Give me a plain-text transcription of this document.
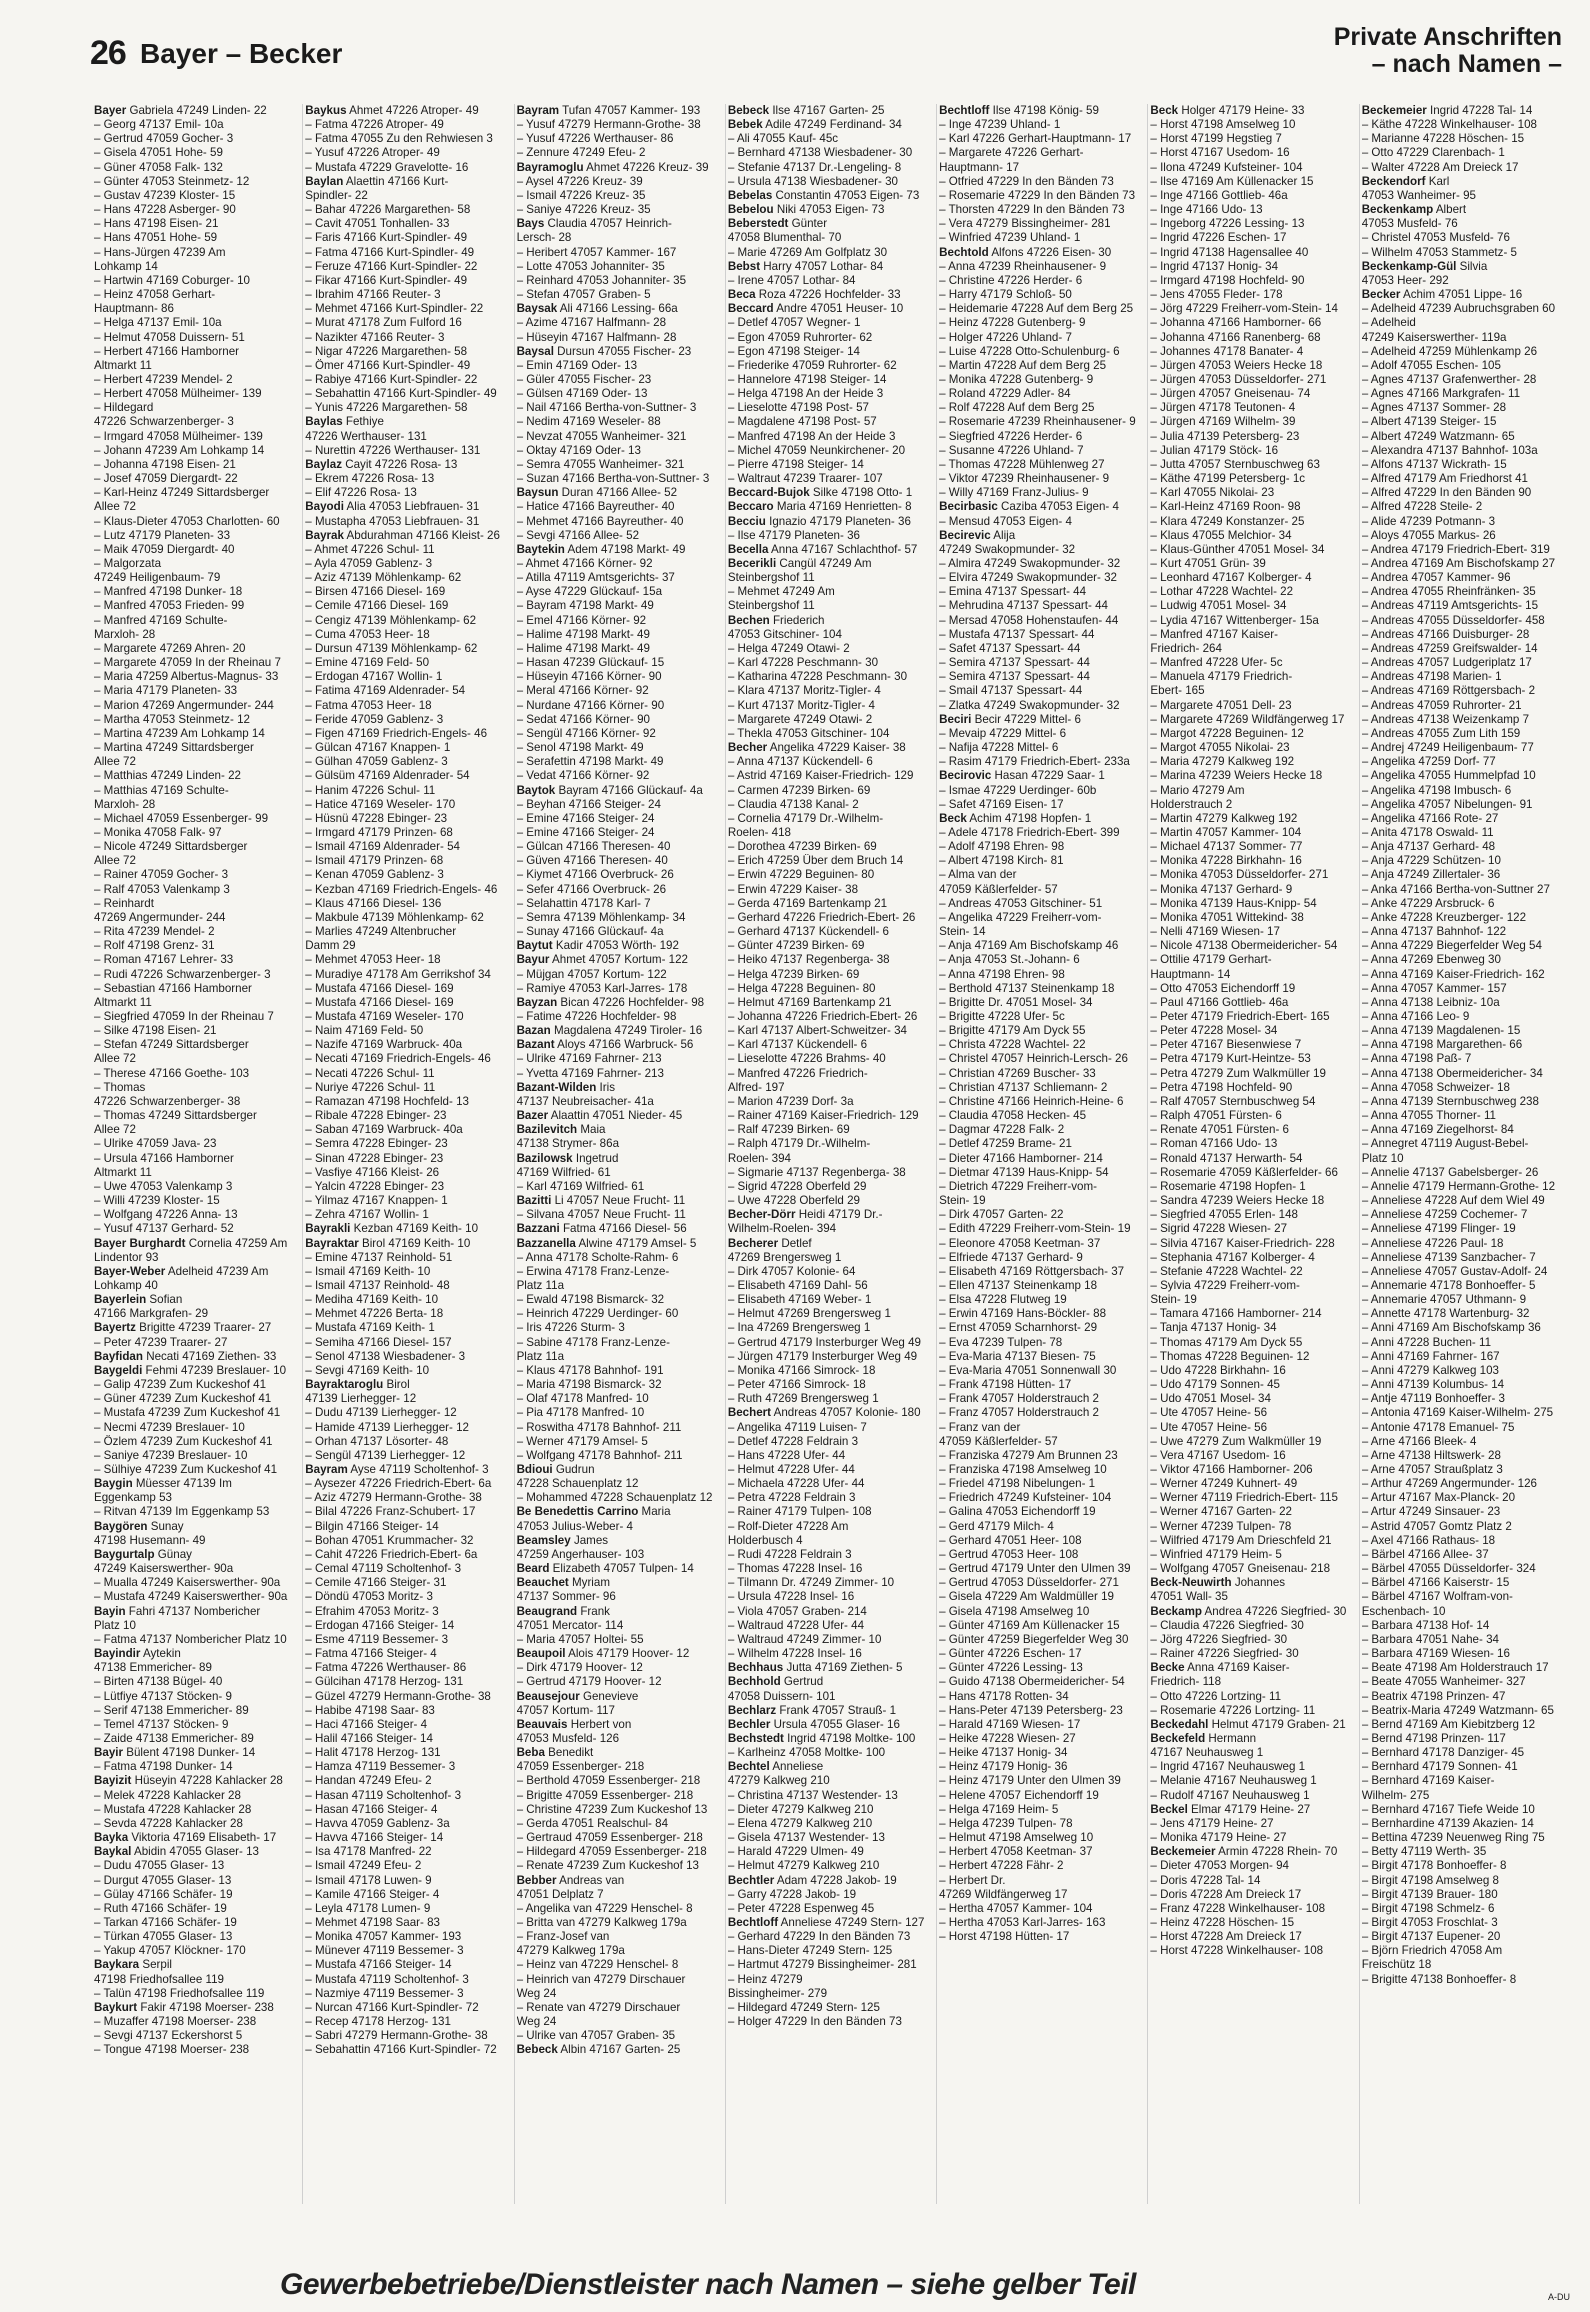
26 Bayer – Becker
Private Anschriften
– nach Namen –
Bayer Gabriela 47249 Linden- 22
– Georg 47137 Emil- 10a
– Gertrud 47059 Gocher- 3
– Gisela 47051 Hohe- 59
– Güner 47058 Falk- 132
– Günter 47053 Steinmetz- 12
– Gustav 47239 Kloster- 15
– Hans 47228 Asberger- 90
– Hans 47198 Eisen- 21
– Hans 47051 Hohe- 59
– Hans-Jürgen 47239 Am
Lohkamp 14
– Hartwin 47169 Coburger- 10
– Heinz 47058 Gerhart-
Hauptmann- 86
– Helga 47137 Emil- 10a
– Helmut 47058 Duissern- 51
– Herbert 47166 Hamborner
Altmarkt 11
– Herbert 47239 Mendel- 2
– Herbert 47058 Mülheimer- 139
– Hildegard
47226 Schwarzenberger- 3
– Irmgard 47058 Mülheimer- 139
– Johann 47239 Am Lohkamp 14
– Johanna 47198 Eisen- 21
– Josef 47059 Diergardt- 22
– Karl-Heinz 47249 Sittardsberger
Allee 72
– Klaus-Dieter 47053 Charlotten- 60
– Lutz 47179 Planeten- 33
– Maik 47059 Diergardt- 40
– Malgorzata
47249 Heiligenbaum- 79
– Manfred 47198 Dunker- 18
– Manfred 47053 Frieden- 99
– Manfred 47169 Schulte-
Marxloh- 28
– Margarete 47269 Ahren- 20
– Margarete 47059 In der Rheinau 7
– Maria 47259 Albertus-Magnus- 33
– Maria 47179 Planeten- 33
– Marion 47269 Angermunder- 244
– Martha 47053 Steinmetz- 12
– Martina 47239 Am Lohkamp 14
– Martina 47249 Sittardsberger
Allee 72
– Matthias 47249 Linden- 22
– Matthias 47169 Schulte-
Marxloh- 28
– Michael 47059 Essenberger- 99
– Monika 47058 Falk- 97
– Nicole 47249 Sittardsberger
Allee 72
– Rainer 47059 Gocher- 3
– Ralf 47053 Valenkamp 3
– Reinhardt
47269 Angermunder- 244
– Rita 47239 Mendel- 2
– Rolf 47198 Grenz- 31
– Roman 47167 Lehrer- 33
– Rudi 47226 Schwarzenberger- 3
– Sebastian 47166 Hamborner
Altmarkt 11
– Siegfried 47059 In der Rheinau 7
– Silke 47198 Eisen- 21
– Stefan 47249 Sittardsberger
Allee 72
– Therese 47166 Goethe- 103
– Thomas
47226 Schwarzenberger- 38
– Thomas 47249 Sittardsberger
Allee 72
– Ulrike 47059 Java- 23
– Ursula 47166 Hamborner
Altmarkt 11
– Uwe 47053 Valenkamp 3
– Willi 47239 Kloster- 15
– Wolfgang 47226 Anna- 13
– Yusuf 47137 Gerhard- 52
Bayer Burghardt Cornelia 47259 Am
Lindentor 93
Bayer-Weber Adelheid 47239 Am
Lohkamp 40
Bayerlein Sofian
47166 Markgrafen- 29
Bayertz Brigitte 47239 Traarer- 27
– Peter 47239 Traarer- 27
Bayfidan Necati 47169 Ziethen- 33
Baygeldi Fehmi 47239 Breslauer- 10
– Galip 47239 Zum Kuckeshof 41
– Güner 47239 Zum Kuckeshof 41
– Mustafa 47239 Zum Kuckeshof 41
– Necmi 47239 Breslauer- 10
– Özlem 47239 Zum Kuckeshof 41
– Saniye 47239 Breslauer- 10
– Sülhiye 47239 Zum Kuckeshof 41
Baygin Müesser 47139 Im
Eggenkamp 53
– Ritvan 47139 Im Eggenkamp 53
Baygören Sunay
47198 Husemann- 49
Baygurtalp Günay
47249 Kaiserswerther- 90a
– Mualla 47249 Kaiserswerther- 90a
– Mustafa 47249 Kaiserswerther- 90a
Bayin Fahri 47137 Nombericher
Platz 10
– Fatma 47137 Nombericher Platz 10
Bayindir Aytekin
47138 Emmericher- 89
– Birten 47138 Bügel- 40
– Lütfiye 47137 Stöcken- 9
– Serif 47138 Emmericher- 89
– Temel 47137 Stöcken- 9
– Zaide 47138 Emmericher- 89
Bayir Bülent 47198 Dunker- 14
– Fatma 47198 Dunker- 14
Bayizit Hüseyin 47228 Kahlacker 28
– Melek 47228 Kahlacker 28
– Mustafa 47228 Kahlacker 28
– Sevda 47228 Kahlacker 28
Bayka Viktoria 47169 Elisabeth- 17
Baykal Abidin 47055 Glaser- 13
– Dudu 47055 Glaser- 13
– Durgut 47055 Glaser- 13
– Gülay 47166 Schäfer- 19
– Ruth 47166 Schäfer- 19
– Tarkan 47166 Schäfer- 19
– Türkan 47055 Glaser- 13
– Yakup 47057 Klöckner- 170
Baykara Serpil
47198 Friedhofsallee 119
– Talün 47198 Friedhofsallee 119
Baykurt Fakir 47198 Moerser- 238
– Muzaffer 47198 Moerser- 238
– Sevgi 47137 Eckershorst 5
– Tongue 47198 Moerser- 238
Baykus Ahmet 47226 Atroper- 49
– Fatma 47226 Atroper- 49
– Fatma 47055 Zu den Rehwiesen 3
– Yusuf 47226 Atroper- 49
– Mustafa 47229 Gravelotte- 16
Baylan Alaettin 47166 Kurt-
Spindler- 22
– Bahar 47226 Margarethen- 58
– Cavit 47051 Tonhallen- 33
– Faris 47166 Kurt-Spindler- 49
– Fatma 47166 Kurt-Spindler- 49
– Feruze 47166 Kurt-Spindler- 22
– Fikar 47166 Kurt-Spindler- 49
– Ibrahim 47166 Reuter- 3
– Mehmet 47166 Kurt-Spindler- 22
– Murat 47178 Zum Fulford 16
– Nazikter 47166 Reuter- 3
– Nigar 47226 Margarethen- 58
– Ömer 47166 Kurt-Spindler- 49
– Rabiye 47166 Kurt-Spindler- 22
– Sebahattin 47166 Kurt-Spindler- 49
– Yunis 47226 Margarethen- 58
Baylas Fethiye
47226 Werthauser- 131
– Nurettin 47226 Werthauser- 131
Baylaz Cayit 47226 Rosa- 13
– Ekrem 47226 Rosa- 13
– Elif 47226 Rosa- 13
Bayodi Alia 47053 Liebfrauen- 31
– Mustapha 47053 Liebfrauen- 31
Bayrak Abdurahman 47166 Kleist- 26
– Ahmet 47226 Schul- 11
– Ayla 47059 Gablenz- 3
– Aziz 47139 Möhlenkamp- 62
– Birsen 47166 Diesel- 169
– Cemile 47166 Diesel- 169
– Cengiz 47139 Möhlenkamp- 62
– Cuma 47053 Heer- 18
– Dursun 47139 Möhlenkamp- 62
– Emine 47169 Feld- 50
– Erdogan 47167 Wollin- 1
– Fatima 47169 Aldenrader- 54
– Fatma 47053 Heer- 18
– Feride 47059 Gablenz- 3
– Figen 47169 Friedrich-Engels- 46
– Gülcan 47167 Knappen- 1
– Gülhan 47059 Gablenz- 3
– Gülsüm 47169 Aldenrader- 54
– Hanim 47226 Schul- 11
– Hatice 47169 Weseler- 170
– Hüsnü 47228 Ebinger- 23
– Irmgard 47179 Prinzen- 68
– Ismail 47169 Aldenrader- 54
– Ismail 47179 Prinzen- 68
– Kenan 47059 Gablenz- 3
– Kezban 47169 Friedrich-Engels- 46
– Klaus 47166 Diesel- 136
– Makbule 47139 Möhlenkamp- 62
– Marlies 47249 Altenbrucher
Damm 29
– Mehmet 47053 Heer- 18
– Muradiye 47178 Am Gerrikshof 34
– Mustafa 47166 Diesel- 169
– Mustafa 47166 Diesel- 169
– Mustafa 47169 Weseler- 170
– Naim 47169 Feld- 50
– Nazife 47169 Warbruck- 40a
– Necati 47169 Friedrich-Engels- 46
– Necati 47226 Schul- 11
– Nuriye 47226 Schul- 11
– Ramazan 47198 Hochfeld- 13
– Ribale 47228 Ebinger- 23
– Saban 47169 Warbruck- 40a
– Semra 47228 Ebinger- 23
– Sinan 47228 Ebinger- 23
– Vasfiye 47166 Kleist- 26
– Yalcin 47228 Ebinger- 23
– Yilmaz 47167 Knappen- 1
– Zehra 47167 Wollin- 1
Bayrakli Kezban 47169 Keith- 10
Bayraktar Birol 47169 Keith- 10
– Emine 47137 Reinhold- 51
– Ismail 47169 Keith- 10
– Ismail 47137 Reinhold- 48
– Mediha 47169 Keith- 10
– Mehmet 47226 Berta- 18
– Mustafa 47169 Keith- 1
– Semiha 47166 Diesel- 157
– Senol 47138 Wiesbadener- 3
– Sevgi 47169 Keith- 10
Bayraktaroglu Birol
47139 Lierhegger- 12
– Dudu 47139 Lierhegger- 12
– Hamide 47139 Lierhegger- 12
– Orhan 47137 Lösorter- 48
– Sengül 47139 Lierhegger- 12
Bayram Ayse 47119 Scholtenhof- 3
– Aysezer 47226 Friedrich-Ebert- 6a
– Aziz 47279 Hermann-Grothe- 38
– Bilal 47226 Franz-Schubert- 17
– Bilgin 47166 Steiger- 14
– Bohan 47051 Krummacher- 32
– Cahit 47226 Friedrich-Ebert- 6a
– Cemal 47119 Scholtenhof- 3
– Cemile 47166 Steiger- 31
– Döndü 47053 Moritz- 3
– Efrahim 47053 Moritz- 3
– Erdogan 47166 Steiger- 14
– Esme 47119 Bessemer- 3
– Fatma 47166 Steiger- 4
– Fatma 47226 Werthauser- 86
– Gülcihan 47178 Herzog- 131
– Güzel 47279 Hermann-Grothe- 38
– Habibe 47198 Saar- 83
– Haci 47166 Steiger- 4
– Halil 47166 Steiger- 14
– Halit 47178 Herzog- 131
– Hamza 47119 Bessemer- 3
– Handan 47249 Efeu- 2
– Hasan 47119 Scholtenhof- 3
– Hasan 47166 Steiger- 4
– Havva 47059 Gablenz- 3a
– Havva 47166 Steiger- 14
– Isa 47178 Manfred- 22
– Ismail 47249 Efeu- 2
– Ismail 47178 Luwen- 9
– Kamile 47166 Steiger- 4
– Leyla 47178 Lumen- 9
– Mehmet 47198 Saar- 83
– Monika 47057 Kammer- 193
– Münever 47119 Bessemer- 3
– Mustafa 47166 Steiger- 14
– Mustafa 47119 Scholtenhof- 3
– Nazmiye 47119 Bessemer- 3
– Nurcan 47166 Kurt-Spindler- 72
– Recep 47178 Herzog- 131
– Sabri 47279 Hermann-Grothe- 38
– Sebahattin 47166 Kurt-Spindler- 72
Bayram Tufan 47057 Kammer- 193
– Yusuf 47279 Hermann-Grothe- 38
– Yusuf 47226 Werthauser- 86
– Zennure 47249 Efeu- 2
Bayramoglu Ahmet 47226 Kreuz- 39
– Aysel 47226 Kreuz- 39
– Ismail 47226 Kreuz- 35
– Saniye 47226 Kreuz- 35
Bays Claudia 47057 Heinrich-
Lersch- 28
– Heribert 47057 Kammer- 167
– Lotte 47053 Johanniter- 35
– Reinhard 47053 Johanniter- 35
– Stefan 47057 Graben- 5
Baysak Ali 47166 Lessing- 66a
– Azime 47167 Halfmann- 28
– Hüseyin 47167 Halfmann- 28
Baysal Dursun 47055 Fischer- 23
– Emin 47169 Oder- 13
– Güler 47055 Fischer- 23
– Gülsen 47169 Oder- 13
– Nail 47166 Bertha-von-Suttner- 3
– Nedim 47169 Weseler- 88
– Nevzat 47055 Wanheimer- 321
– Oktay 47169 Oder- 13
– Semra 47055 Wanheimer- 321
– Suzan 47166 Bertha-von-Suttner- 3
Baysun Duran 47166 Allee- 52
– Hatice 47166 Bayreuther- 40
– Mehmet 47166 Bayreuther- 40
– Sevgi 47166 Allee- 52
Baytekin Adem 47198 Markt- 49
– Ahmet 47166 Körner- 92
– Atilla 47119 Amtsgerichts- 37
– Ayse 47229 Glückauf- 15a
– Bayram 47198 Markt- 49
– Emel 47166 Körner- 92
– Halime 47198 Markt- 49
– Halime 47198 Markt- 49
– Hasan 47239 Glückauf- 15
– Hüseyin 47166 Körner- 90
– Meral 47166 Körner- 92
– Nurdane 47166 Körner- 90
– Sedat 47166 Körner- 90
– Sengül 47166 Körner- 92
– Senol 47198 Markt- 49
– Serafettin 47198 Markt- 49
– Vedat 47166 Körner- 92
Baytok Bayram 47166 Glückauf- 4a
– Beyhan 47166 Steiger- 24
– Emine 47166 Steiger- 24
– Emine 47166 Steiger- 24
– Gülcan 47166 Theresen- 40
– Güven 47166 Theresen- 40
– Kiymet 47166 Overbruck- 26
– Sefer 47166 Overbruck- 26
– Selahattin 47178 Karl- 7
– Semra 47139 Möhlenkamp- 34
– Sunay 47166 Glückauf- 4a
Baytut Kadir 47053 Wörth- 192
Bayur Ahmet 47057 Kortum- 122
– Müjgan 47057 Kortum- 122
– Ramiye 47053 Karl-Jarres- 178
Bayzan Bican 47226 Hochfelder- 98
– Fatime 47226 Hochfelder- 98
Bazan Magdalena 47249 Tiroler- 16
Bazant Aloys 47166 Warbruck- 56
– Ulrike 47169 Fahrner- 213
– Yvetta 47169 Fahrner- 213
Bazant-Wilden Iris
47137 Neubreisacher- 41a
Bazer Alaattin 47051 Nieder- 45
Bazilevitch Maia
47138 Strymer- 86a
Bazilowsk Ingetrud
47169 Wilfried- 61
– Karl 47169 Wilfried- 61
Bazitti Li 47057 Neue Frucht- 11
– Silvana 47057 Neue Frucht- 11
Bazzani Fatma 47166 Diesel- 56
Bazzanella Alwine 47179 Amsel- 5
– Anna 47178 Scholte-Rahm- 6
– Erwina 47178 Franz-Lenze-
Platz 11a
– Ewald 47198 Bismarck- 32
– Heinrich 47229 Uerdinger- 60
– Iris 47226 Sturm- 3
– Sabine 47178 Franz-Lenze-
Platz 11a
– Klaus 47178 Bahnhof- 191
– Maria 47198 Bismarck- 32
– Olaf 47178 Manfred- 10
– Pia 47178 Manfred- 10
– Roswitha 47178 Bahnhof- 211
– Werner 47179 Amsel- 5
– Wolfgang 47178 Bahnhof- 211
Bdioui Gudrun
47228 Schauenplatz 12
– Mohammed 47228 Schauenplatz 12
Be Benedettis Carrino Maria
47053 Julius-Weber- 4
Beamsley James
47259 Angerhauser- 103
Beard Elizabeth 47057 Tulpen- 14
Beauchet Myriam
47137 Sommer- 96
Beaugrand Frank
47051 Mercator- 114
– Maria 47057 Holtei- 55
Beaupoil Alois 47179 Hoover- 12
– Dirk 47179 Hoover- 12
– Gertrud 47179 Hoover- 12
Beausejour Genevieve
47057 Kortum- 117
Beauvais Herbert von
47053 Musfeld- 126
Beba Benedikt
47059 Essenberger- 218
– Berthold 47059 Essenberger- 218
– Brigitte 47059 Essenberger- 218
– Christine 47239 Zum Kuckeshof 13
– Gerda 47051 Realschul- 84
– Gertraud 47059 Essenberger- 218
– Hildegard 47059 Essenberger- 218
– Renate 47239 Zum Kuckeshof 13
Bebber Andreas van
47051 Delplatz 7
– Angelika van 47229 Henschel- 8
– Britta van 47279 Kalkweg 179a
– Franz-Josef van
47279 Kalkweg 179a
– Heinz van 47229 Henschel- 8
– Heinrich van 47279 Dirschauer
Weg 24
– Renate van 47279 Dirschauer
Weg 24
– Ulrike van 47057 Graben- 35
Bebeck Albin 47167 Garten- 25
Bebeck Ilse 47167 Garten- 25
Bebek Adile 47249 Ferdinand- 34
– Ali 47055 Kauf- 45c
– Bernhard 47138 Wiesbadener- 30
– Stefanie 47137 Dr.-Lengeling- 8
– Ursula 47138 Wiesbadener- 30
Bebelas Constantin 47053 Eigen- 73
Bebelou Niki 47053 Eigen- 73
Beberstedt Günter
47058 Blumenthal- 70
– Marie 47269 Am Golfplatz 30
Bebst Harry 47057 Lothar- 84
– Irene 47057 Lothar- 84
Beca Roza 47226 Hochfelder- 33
Beccard Andre 47051 Heuser- 10
– Detlef 47057 Wegner- 1
– Egon 47059 Ruhrorter- 62
– Egon 47198 Steiger- 14
– Friederike 47059 Ruhrorter- 62
– Hannelore 47198 Steiger- 14
– Helga 47198 An der Heide 3
– Lieselotte 47198 Post- 57
– Magdalene 47198 Post- 57
– Manfred 47198 An der Heide 3
– Michel 47059 Neunkirchener- 20
– Pierre 47198 Steiger- 14
– Waltraut 47239 Traarer- 107
Beccard-Bujok Silke 47198 Otto- 1
Beccaro Maria 47169 Henrietten- 8
Becciu Ignazio 47179 Planeten- 36
– Ilse 47179 Planeten- 36
Becella Anna 47167 Schlachthof- 57
Becerikli Cangül 47249 Am
Steinbergshof 11
– Mehmet 47249 Am
Steinbergshof 11
Bechen Friederich
47053 Gitschiner- 104
– Helga 47249 Otawi- 2
– Karl 47228 Peschmann- 30
– Katharina 47228 Peschmann- 30
– Klara 47137 Moritz-Tigler- 4
– Kurt 47137 Moritz-Tigler- 4
– Margarete 47249 Otawi- 2
– Thekla 47053 Gitschiner- 104
Becher Angelika 47229 Kaiser- 38
– Anna 47137 Kückendell- 6
– Astrid 47169 Kaiser-Friedrich- 129
– Carmen 47239 Birken- 69
– Claudia 47138 Kanal- 2
– Cornelia 47179 Dr.-Wilhelm-
Roelen- 418
– Dorothea 47239 Birken- 69
– Erich 47259 Über dem Bruch 14
– Erwin 47229 Beguinen- 80
– Erwin 47229 Kaiser- 38
– Gerda 47169 Bartenkamp 21
– Gerhard 47226 Friedrich-Ebert- 26
– Gerhard 47137 Kückendell- 6
– Günter 47239 Birken- 69
– Heiko 47137 Regenberga- 38
– Helga 47239 Birken- 69
– Helga 47228 Beguinen- 80
– Helmut 47169 Bartenkamp 21
– Johanna 47226 Friedrich-Ebert- 26
– Karl 47137 Albert-Schweitzer- 34
– Karl 47137 Kückendell- 6
– Lieselotte 47226 Brahms- 40
– Manfred 47226 Friedrich-
Alfred- 197
– Marion 47239 Dorf- 3a
– Rainer 47169 Kaiser-Friedrich- 129
– Ralf 47239 Birken- 69
– Ralph 47179 Dr.-Wilhelm-
Roelen- 394
– Sigmarie 47137 Regenberga- 38
– Sigrid 47228 Oberfeld 29
– Uwe 47228 Oberfeld 29
Becher-Dörr Heidi 47179 Dr.-
Wilhelm-Roelen- 394
Becherer Detlef
47269 Brengersweg 1
– Dirk 47057 Kolonie- 64
– Elisabeth 47169 Dahl- 56
– Elisabeth 47169 Weber- 1
– Helmut 47269 Brengersweg 1
– Ina 47269 Brengersweg 1
– Gertrud 47179 Insterburger Weg 49
– Jürgen 47179 Insterburger Weg 49
– Monika 47166 Simrock- 18
– Peter 47166 Simrock- 18
– Ruth 47269 Brengersweg 1
Bechert Andreas 47057 Kolonie- 180
– Angelika 47119 Luisen- 7
– Detlef 47228 Feldrain 3
– Hans 47228 Ufer- 44
– Helmut 47228 Ufer- 44
– Michaela 47228 Ufer- 44
– Petra 47228 Feldrain 3
– Rainer 47179 Tulpen- 108
– Rolf-Dieter 47228 Am
Holderbusch 4
– Rudi 47228 Feldrain 3
– Thomas 47228 Insel- 16
– Tilmann Dr. 47249 Zimmer- 10
– Ursula 47228 Insel- 16
– Viola 47057 Graben- 214
– Waltraud 47228 Ufer- 44
– Waltraud 47249 Zimmer- 10
– Wilhelm 47228 Insel- 16
Bechhaus Jutta 47169 Ziethen- 5
Bechhold Gertrud
47058 Duissern- 101
Bechlarz Frank 47057 Strauß- 1
Bechler Ursula 47055 Glaser- 16
Bechstedt Ingrid 47198 Moltke- 100
– Karlheinz 47058 Moltke- 100
Bechtel Anneliese
47279 Kalkweg 210
– Christina 47137 Westender- 13
– Dieter 47279 Kalkweg 210
– Elena 47279 Kalkweg 210
– Gisela 47137 Westender- 13
– Harald 47229 Ulmen- 49
– Helmut 47279 Kalkweg 210
Bechtler Adam 47228 Jakob- 19
– Garry 47228 Jakob- 19
– Peter 47228 Espenweg 45
Bechtloff Anneliese 47249 Stern- 127
– Gerhard 47229 In den Bänden 73
– Hans-Dieter 47249 Stern- 125
– Hartmut 47279 Bissingheimer- 281
– Heinz 47279
Bissingheimer- 279
– Hildegard 47249 Stern- 125
– Holger 47229 In den Bänden 73
Bechtloff Ilse 47198 König- 59
– Inge 47239 Uhland- 1
– Karl 47226 Gerhart-Hauptmann- 17
– Margarete 47226 Gerhart-
Hauptmann- 17
– Otfried 47229 In den Bänden 73
– Rosemarie 47229 In den Bänden 73
– Thorsten 47229 In den Bänden 73
– Vera 47279 Bissingheimer- 281
– Winfried 47239 Uhland- 1
Bechtold Alfons 47226 Eisen- 30
– Anna 47239 Rheinhausener- 9
– Christine 47226 Herder- 6
– Harry 47179 Schloß- 50
– Heidemarie 47228 Auf dem Berg 25
– Heinz 47228 Gutenberg- 9
– Holger 47226 Uhland- 7
– Luise 47228 Otto-Schulenburg- 6
– Martin 47228 Auf dem Berg 25
– Monika 47228 Gutenberg- 9
– Roland 47229 Adler- 84
– Rolf 47228 Auf dem Berg 25
– Rosemarie 47239 Rheinhausener- 9
– Siegfried 47226 Herder- 6
– Susanne 47226 Uhland- 7
– Thomas 47228 Mühlenweg 27
– Viktor 47239 Rheinhausener- 9
– Willy 47169 Franz-Julius- 9
Becirbasic Caziba 47053 Eigen- 4
– Mensud 47053 Eigen- 4
Becirevic Alija
47249 Swakopmunder- 32
– Almira 47249 Swakopmunder- 32
– Elvira 47249 Swakopmunder- 32
– Emina 47137 Spessart- 44
– Mehrudina 47137 Spessart- 44
– Mersad 47058 Hohenstaufen- 44
– Mustafa 47137 Spessart- 44
– Safet 47137 Spessart- 44
– Semira 47137 Spessart- 44
– Semira 47137 Spessart- 44
– Smail 47137 Spessart- 44
– Zlatka 47249 Swakopmunder- 32
Beciri Becir 47229 Mittel- 6
– Mevaip 47229 Mittel- 6
– Nafija 47228 Mittel- 6
– Rasim 47179 Friedrich-Ebert- 233a
Becirovic Hasan 47229 Saar- 1
– Ismae 47229 Uerdinger- 60b
– Safet 47169 Eisen- 17
Beck Achim 47198 Hopfen- 1
– Adele 47178 Friedrich-Ebert- 399
– Adolf 47198 Ehren- 98
– Albert 47198 Kirch- 81
– Alma van der
47059 Käßlerfelder- 57
– Andreas 47053 Gitschiner- 51
– Angelika 47229 Freiherr-vom-
Stein- 14
– Anja 47169 Am Bischofskamp 46
– Anja 47053 St.-Johann- 6
– Anna 47198 Ehren- 98
– Berthold 47137 Steinenkamp 18
– Brigitte Dr. 47051 Mosel- 34
– Brigitte 47228 Ufer- 5c
– Brigitte 47179 Am Dyck 55
– Christa 47228 Wachtel- 22
– Christel 47057 Heinrich-Lersch- 26
– Christian 47269 Buscher- 33
– Christian 47137 Schliemann- 2
– Christine 47166 Heinrich-Heine- 6
– Claudia 47058 Hecken- 45
– Dagmar 47228 Falk- 2
– Detlef 47259 Brame- 21
– Dieter 47166 Hamborner- 214
– Dietmar 47139 Haus-Knipp- 54
– Dietrich 47229 Freiherr-vom-
Stein- 19
– Dirk 47057 Garten- 22
– Edith 47229 Freiherr-vom-Stein- 19
– Eleonore 47058 Keetman- 37
– Elfriede 47137 Gerhard- 9
– Elisabeth 47169 Röttgersbach- 37
– Ellen 47137 Steinenkamp 18
– Elsa 47228 Flutweg 19
– Erwin 47169 Hans-Böckler- 88
– Ernst 47059 Scharnhorst- 29
– Eva 47239 Tulpen- 78
– Eva-Maria 47137 Biesen- 75
– Eva-Maria 47051 Sonnenwall 30
– Frank 47198 Hütten- 17
– Frank 47057 Holderstrauch 2
– Franz 47057 Holderstrauch 2
– Franz van der
47059 Käßlerfelder- 57
– Franziska 47279 Am Brunnen 23
– Franziska 47198 Amselweg 10
– Friedel 47198 Nibelungen- 1
– Friedrich 47249 Kufsteiner- 104
– Galina 47053 Eichendorff 19
– Gerd 47179 Milch- 4
– Gerhard 47051 Heer- 108
– Gertrud 47053 Heer- 108
– Gertrud 47179 Unter den Ulmen 39
– Gertrud 47053 Düsseldorfer- 271
– Gisela 47229 Am Waldmüller 19
– Gisela 47198 Amselweg 10
– Günter 47169 Am Küllenacker 15
– Günter 47259 Biegerfelder Weg 30
– Günter 47226 Eschen- 17
– Günter 47226 Lessing- 13
– Guido 47138 Obermeidericher- 54
– Hans 47178 Rotten- 34
– Hans-Peter 47139 Petersberg- 23
– Harald 47169 Wiesen- 17
– Heike 47228 Wiesen- 27
– Heike 47137 Honig- 34
– Heinz 47179 Honig- 36
– Heinz 47179 Unter den Ulmen 39
– Helene 47057 Eichendorff 19
– Helga 47169 Heim- 5
– Helga 47239 Tulpen- 78
– Helmut 47198 Amselweg 10
– Herbert 47058 Keetman- 37
– Herbert 47228 Fähr- 2
– Herbert Dr.
47269 Wildfängerweg 17
– Hertha 47057 Kammer- 104
– Hertha 47053 Karl-Jarres- 163
– Horst 47198 Hütten- 17
Beck Holger 47179 Heine- 33
– Horst 47198 Amselweg 10
– Horst 47199 Hegstieg 7
– Horst 47167 Usedom- 16
– Ilona 47249 Kufsteiner- 104
– Ilse 47169 Am Küllenacker 15
– Inge 47166 Gottlieb- 46a
– Inge 47166 Udo- 13
– Ingeborg 47226 Lessing- 13
– Ingrid 47226 Eschen- 17
– Ingrid 47138 Hagensallee 40
– Ingrid 47137 Honig- 34
– Irmgard 47198 Hochfeld- 90
– Jens 47055 Fleder- 178
– Jörg 47229 Freiherr-vom-Stein- 14
– Johanna 47166 Hamborner- 66
– Johanna 47166 Ranenberg- 68
– Johannes 47178 Banater- 4
– Jürgen 47053 Weiers Hecke 18
– Jürgen 47053 Düsseldorfer- 271
– Jürgen 47057 Gneisenau- 74
– Jürgen 47178 Teutonen- 4
– Jürgen 47169 Wilhelm- 39
– Julia 47139 Petersberg- 23
– Julian 47179 Stöck- 16
– Jutta 47057 Sternbuschweg 63
– Käthe 47199 Petersberg- 1c
– Karl 47055 Nikolai- 23
– Karl-Heinz 47169 Roon- 98
– Klara 47249 Konstanzer- 25
– Klaus 47055 Melchior- 34
– Klaus-Günther 47051 Mosel- 34
– Kurt 47051 Grün- 39
– Leonhard 47167 Kolberger- 4
– Lothar 47228 Wachtel- 22
– Ludwig 47051 Mosel- 34
– Lydia 47167 Wittenberger- 15a
– Manfred 47167 Kaiser-
Friedrich- 264
– Manfred 47228 Ufer- 5c
– Manuela 47179 Friedrich-
Ebert- 165
– Margarete 47051 Dell- 23
– Margarete 47269 Wildfängerweg 17
– Margot 47228 Beguinen- 12
– Margot 47055 Nikolai- 23
– Maria 47279 Kalkweg 192
– Marina 47239 Weiers Hecke 18
– Mario 47279 Am
Holderstrauch 2
– Martin 47279 Kalkweg 192
– Martin 47057 Kammer- 104
– Michael 47137 Sommer- 77
– Monika 47228 Birkhahn- 16
– Monika 47053 Düsseldorfer- 271
– Monika 47137 Gerhard- 9
– Monika 47139 Haus-Knipp- 54
– Monika 47051 Wittekind- 38
– Nelli 47169 Wiesen- 17
– Nicole 47138 Obermeidericher- 54
– Ottilie 47179 Gerhart-
Hauptmann- 14
– Otto 47053 Eichendorff 19
– Paul 47166 Gottlieb- 46a
– Peter 47179 Friedrich-Ebert- 165
– Peter 47228 Mosel- 34
– Peter 47167 Biesenwiese 7
– Petra 47179 Kurt-Heintze- 53
– Petra 47279 Zum Walkmüller 19
– Petra 47198 Hochfeld- 90
– Ralf 47057 Sternbuschweg 54
– Ralph 47051 Fürsten- 6
– Renate 47051 Fürsten- 6
– Roman 47166 Udo- 13
– Ronald 47137 Herwarth- 54
– Rosemarie 47059 Käßlerfelder- 66
– Rosemarie 47198 Hopfen- 1
– Sandra 47239 Weiers Hecke 18
– Siegfried 47055 Erlen- 148
– Sigrid 47228 Wiesen- 27
– Silvia 47167 Kaiser-Friedrich- 228
– Stephania 47167 Kolberger- 4
– Stefanie 47228 Wachtel- 22
– Sylvia 47229 Freiherr-vom-
Stein- 19
– Tamara 47166 Hamborner- 214
– Tanja 47137 Honig- 34
– Thomas 47179 Am Dyck 55
– Thomas 47228 Beguinen- 12
– Udo 47228 Birkhahn- 16
– Udo 47179 Sonnen- 45
– Udo 47051 Mosel- 34
– Ute 47057 Heine- 56
– Ute 47057 Heine- 56
– Uwe 47279 Zum Walkmüller 19
– Vera 47167 Usedom- 16
– Viktor 47166 Hamborner- 206
– Werner 47249 Kuhnert- 49
– Werner 47119 Friedrich-Ebert- 115
– Werner 47167 Garten- 22
– Werner 47239 Tulpen- 78
– Wilfried 47179 Am Drieschfeld 21
– Winfried 47179 Heim- 5
– Wolfgang 47057 Gneisenau- 218
Beck-Neuwirth Johannes
47051 Wall- 35
Beckamp Andrea 47226 Siegfried- 30
– Claudia 47226 Siegfried- 30
– Jörg 47226 Siegfried- 30
– Rainer 47226 Siegfried- 30
Becke Anna 47169 Kaiser-
Friedrich- 118
– Otto 47226 Lortzing- 11
– Rosemarie 47226 Lortzing- 11
Beckedahl Helmut 47179 Graben- 21
Beckefeld Hermann
47167 Neuhausweg 1
– Ingrid 47167 Neuhausweg 1
– Melanie 47167 Neuhausweg 1
– Rudolf 47167 Neuhausweg 1
Beckel Elmar 47179 Heine- 27
– Jens 47179 Heine- 27
– Monika 47179 Heine- 27
Beckemeier Armin 47228 Rhein- 70
– Dieter 47053 Morgen- 94
– Doris 47228 Tal- 14
– Doris 47228 Am Dreieck 17
– Franz 47228 Winkelhauser- 108
– Heinz 47228 Höschen- 15
– Horst 47228 Am Dreieck 17
– Horst 47228 Winkelhauser- 108
Beckemeier Ingrid 47228 Tal- 14
– Käthe 47228 Winkelhauser- 108
– Marianne 47228 Höschen- 15
– Otto 47229 Clarenbach- 1
– Walter 47228 Am Dreieck 17
Beckendorf Karl
47053 Wanheimer- 95
Beckenkamp Albert
47053 Musfeld- 76
– Christel 47053 Musfeld- 76
– Wilhelm 47053 Stammetz- 5
Beckenkamp-Gül Silvia
47053 Heer- 292
Becker Achim 47051 Lippe- 16
– Adelheid 47239 Aubruchsgraben 60
– Adelheid
47249 Kaiserswerther- 119a
– Adelheid 47259 Mühlenkamp 26
– Adolf 47055 Eschen- 105
– Agnes 47137 Grafenwerther- 28
– Agnes 47166 Markgrafen- 11
– Agnes 47137 Sommer- 28
– Albert 47139 Steiger- 15
– Albert 47249 Watzmann- 65
– Alexandra 47137 Bahnhof- 103a
– Alfons 47137 Wickrath- 15
– Alfred 47179 Am Friedhorst 41
– Alfred 47229 In den Bänden 90
– Alfred 47228 Steile- 2
– Alide 47239 Potmann- 3
– Aloys 47055 Markus- 26
– Andrea 47179 Friedrich-Ebert- 319
– Andrea 47169 Am Bischofskamp 27
– Andrea 47057 Kammer- 96
– Andrea 47055 Rheinfränken- 35
– Andreas 47119 Amtsgerichts- 15
– Andreas 47055 Düsseldorfer- 458
– Andreas 47166 Duisburger- 28
– Andreas 47259 Greifswalder- 14
– Andreas 47057 Ludgeriplatz 17
– Andreas 47198 Marien- 1
– Andreas 47169 Röttgersbach- 2
– Andreas 47059 Ruhrorter- 21
– Andreas 47138 Weizenkamp 7
– Andreas 47055 Zum Lith 159
– Andrej 47249 Heiligenbaum- 77
– Angelika 47259 Dorf- 77
– Angelika 47055 Hummelpfad 10
– Angelika 47198 Imbusch- 6
– Angelika 47057 Nibelungen- 91
– Angelika 47166 Rote- 27
– Anita 47178 Oswald- 11
– Anja 47137 Gerhard- 48
– Anja 47229 Schützen- 10
– Anja 47249 Zillertaler- 36
– Anka 47166 Bertha-von-Suttner 27
– Anke 47229 Arsbruck- 6
– Anke 47228 Kreuzberger- 122
– Anna 47137 Bahnhof- 122
– Anna 47229 Biegerfelder Weg 54
– Anna 47269 Ebenweg 30
– Anna 47169 Kaiser-Friedrich- 162
– Anna 47057 Kammer- 157
– Anna 47138 Leibniz- 10a
– Anna 47166 Leo- 9
– Anna 47139 Magdalenen- 15
– Anna 47198 Margarethen- 66
– Anna 47198 Paß- 7
– Anna 47138 Obermeidericher- 34
– Anna 47058 Schweizer- 18
– Anna 47139 Sternbuschweg 238
– Anna 47055 Thorner- 11
– Anna 47169 Ziegelhorst- 84
– Annegret 47119 August-Bebel-
Platz 10
– Annelie 47137 Gabelsberger- 26
– Annelie 47179 Hermann-Grothe- 12
– Anneliese 47228 Auf dem Wiel 49
– Anneliese 47259 Cochemer- 7
– Anneliese 47199 Flinger- 19
– Anneliese 47226 Paul- 18
– Anneliese 47139 Sanzbacher- 7
– Anneliese 47057 Gustav-Adolf- 24
– Annemarie 47178 Bonhoeffer- 5
– Annemarie 47057 Uthmann- 9
– Annette 47178 Wartenburg- 32
– Anni 47169 Am Bischofskamp 36
– Anni 47228 Buchen- 11
– Anni 47169 Fahrner- 167
– Anni 47279 Kalkweg 103
– Anni 47139 Kolumbus- 14
– Antje 47119 Bonhoeffer- 3
– Antonia 47169 Kaiser-Wilhelm- 275
– Antonie 47178 Emanuel- 75
– Arne 47166 Bleek- 4
– Arne 47138 Hiltswerk- 28
– Arne 47057 Straußplatz 3
– Arthur 47269 Angermunder- 126
– Artur 47167 Max-Planck- 20
– Artur 47249 Sinsauer- 23
– Astrid 47057 Gomtz Platz 2
– Axel 47166 Rathaus- 18
– Bärbel 47166 Allee- 37
– Bärbel 47055 Düsseldorfer- 324
– Bärbel 47166 Kaiserstr- 15
– Bärbel 47167 Wolfram-von-
Eschenbach- 10
– Barbara 47138 Hof- 14
– Barbara 47051 Nahe- 34
– Barbara 47169 Wiesen- 16
– Beate 47198 Am Holderstrauch 17
– Beate 47055 Wanheimer- 327
– Beatrix 47198 Prinzen- 47
– Beatrix-Maria 47249 Watzmann- 65
– Bernd 47169 Am Kiebitzberg 12
– Bernd 47198 Prinzen- 117
– Bernhard 47178 Danziger- 45
– Bernhard 47179 Sonnen- 41
– Bernhard 47169 Kaiser-
Wilhelm- 275
– Bernhard 47167 Tiefe Weide 10
– Bernhardine 47139 Akazien- 14
– Bettina 47239 Neuenweg Ring 75
– Betty 47119 Werth- 35
– Birgit 47178 Bonhoeffer- 8
– Birgit 47198 Amselweg 8
– Birgit 47139 Brauer- 180
– Birgit 47198 Schmelz- 6
– Birgit 47053 Froschlat- 3
– Birgit 47137 Eupener- 20
– Björn Friedrich 47058 Am
Freischütz 18
– Brigitte 47138 Bonhoeffer- 8
Gewerbebetriebe/Dienstleister nach Namen – siehe gelber Teil	A-DU
